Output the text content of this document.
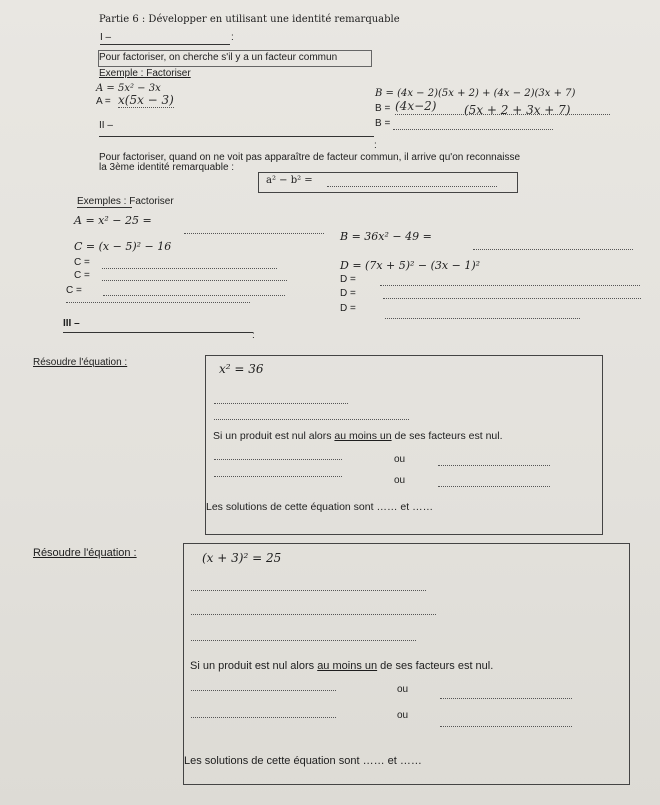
Partie 6 : Développer en utilisant une identité remarquable
I –	:
Pour factoriser, on cherche s'il y a un facteur commun
Exemple : Factoriser
A = 5x² − 3x
A = x(5x − 3)	B = (4x − 2)(5x + 2) + (4x − 2)(3x + 7)
B = (4x−2) (5x + 2 + 3x + 7)
B =
II –
:
Pour factoriser, quand on ne voit pas apparaître de facteur commun, il arrive qu'on reconnaisse
la 3ème identité remarquable :
a² − b² =
Exemples : Factoriser
A = x² − 25 =
C = (x − 5)² − 16
C =
C =
C =
B = 36x² − 49 =
D = (7x + 5)² − (3x − 1)²
D =
D =
D =
III –
:
Résoudre l'équation :	x² = 36
Si un produit est nul alors au moins un de ses facteurs est nul.
ou
ou
Les solutions de cette équation sont …… et ……
Résoudre l'équation :	(x + 3)² = 25
Si un produit est nul alors au moins un de ses facteurs est nul.
ou
ou
Les solutions de cette équation sont …… et ……
